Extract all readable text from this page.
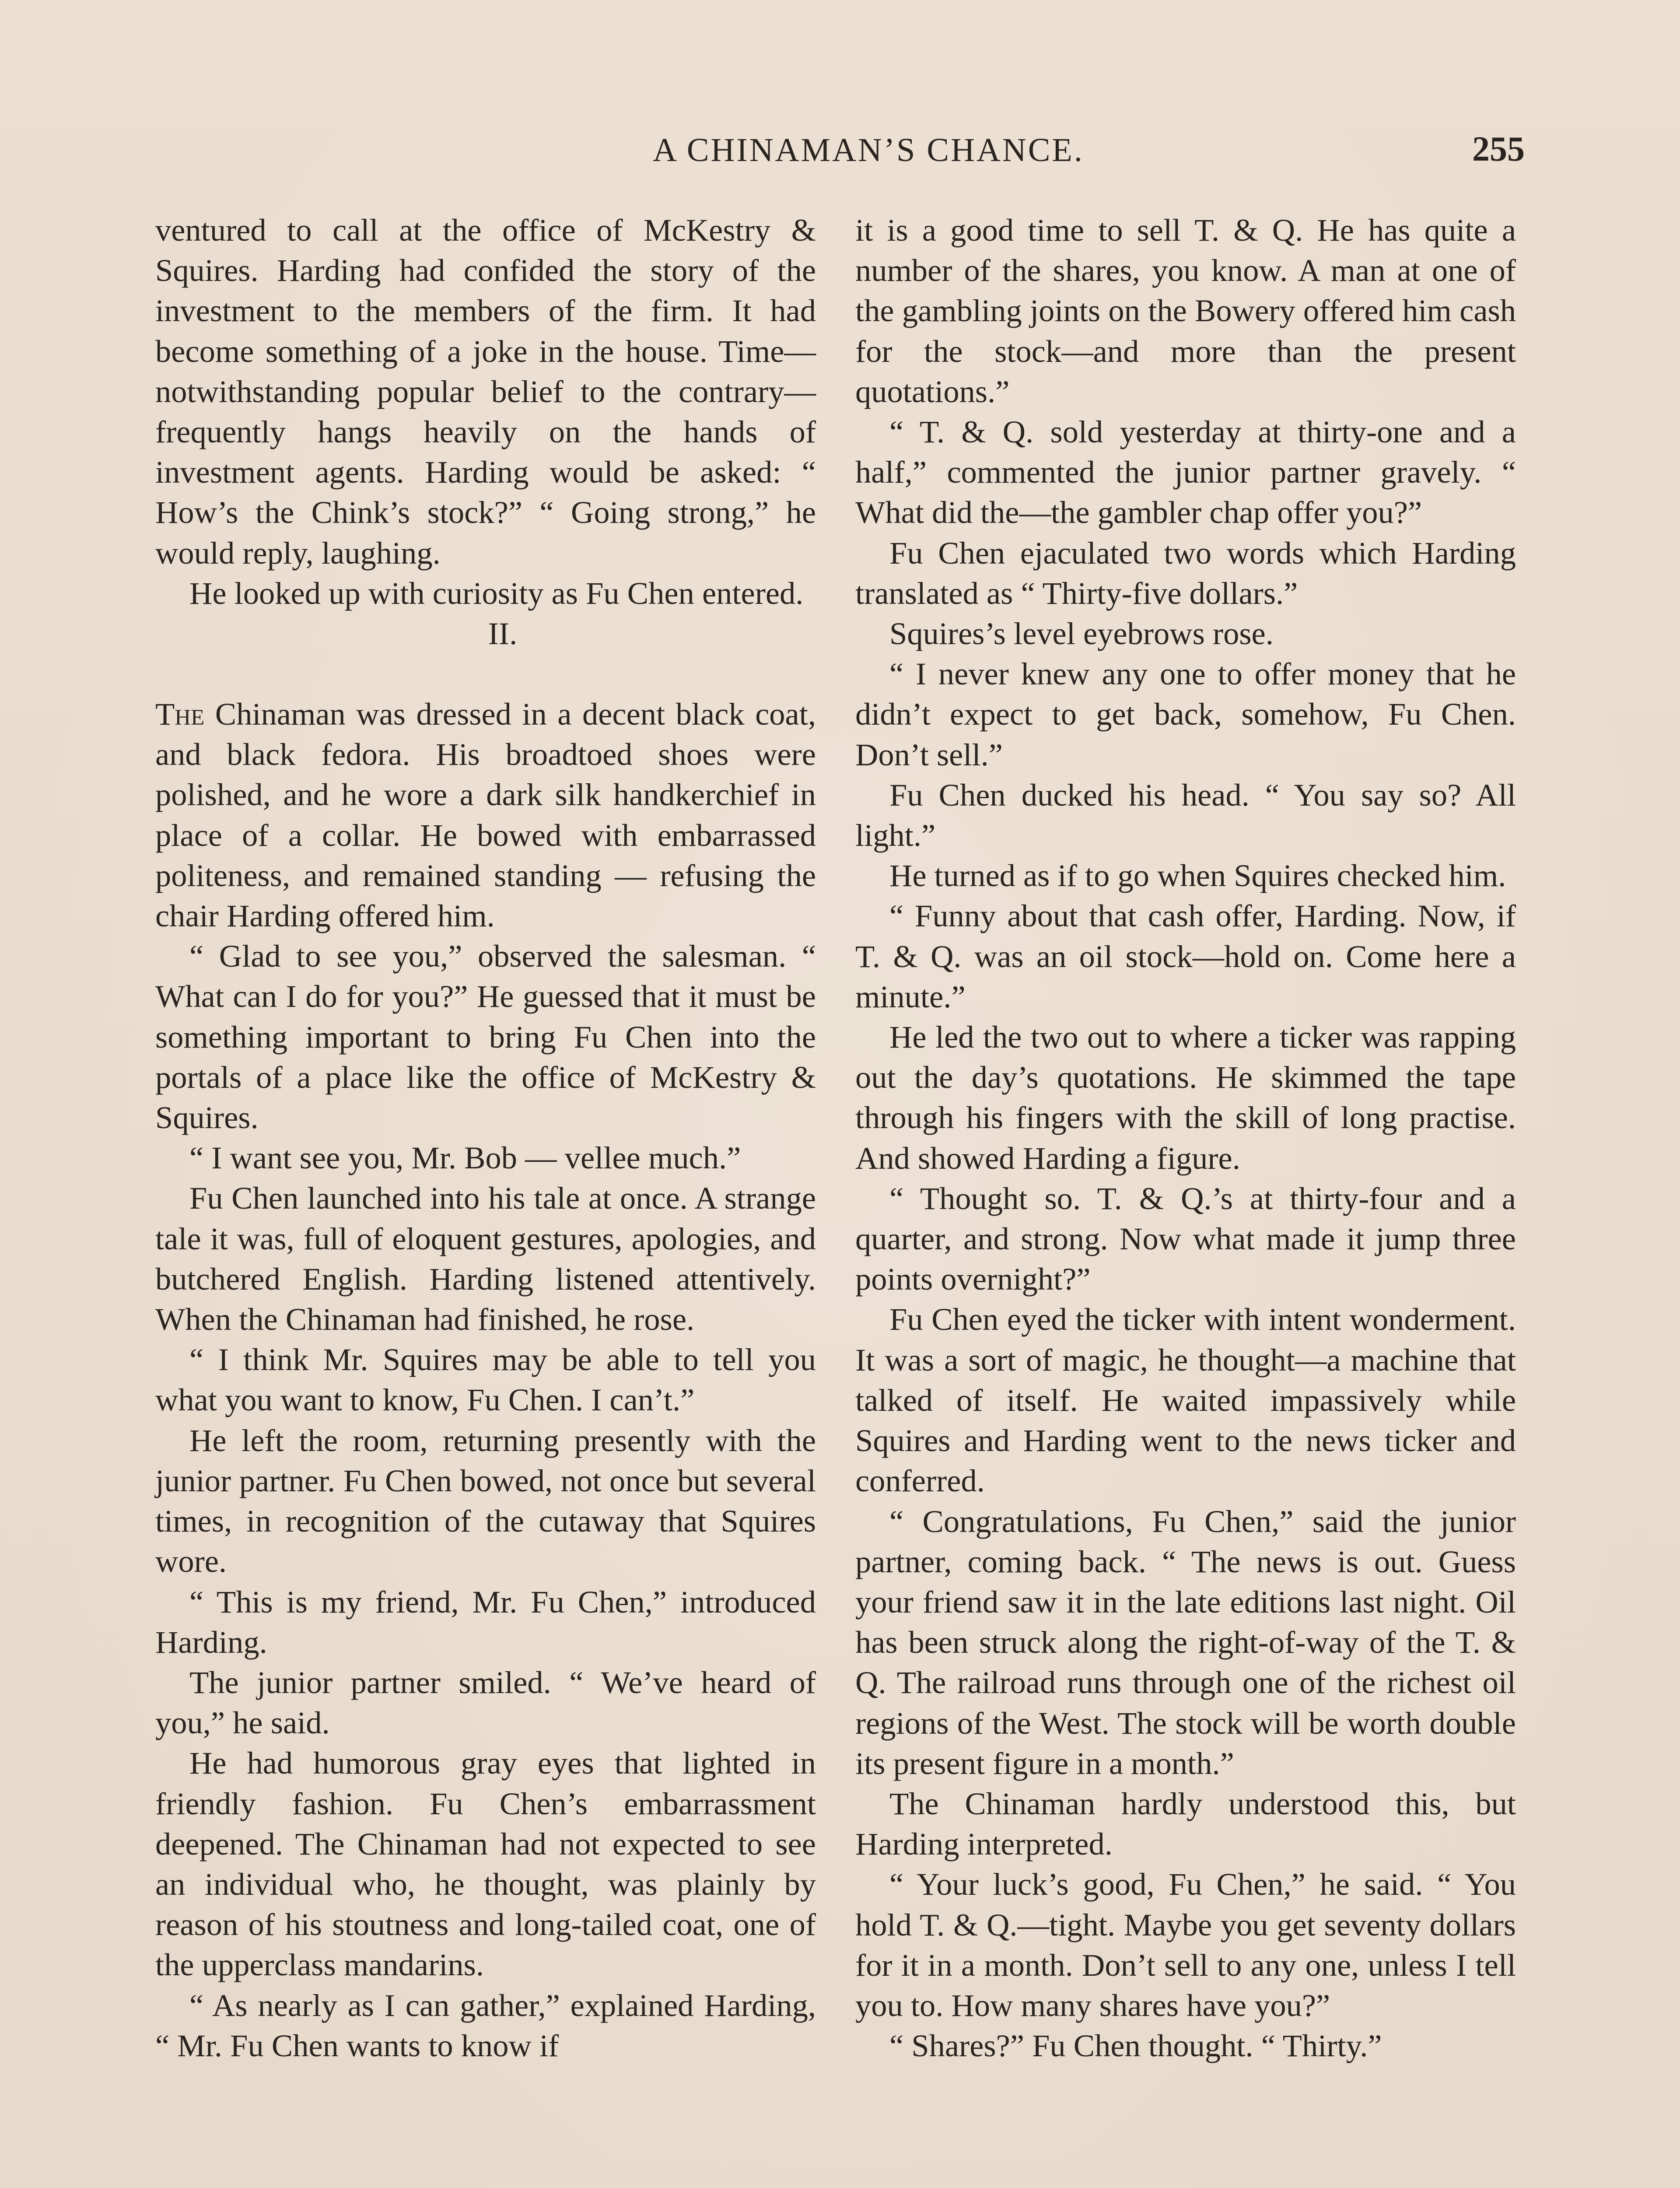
A CHINAMAN’S CHANCE.	255

ventured to call at the office of McKestry & Squires. Harding had confided the story of the investment to the members of the firm. It had become something of a joke in the house. Time—notwithstanding popular belief to the contrary—frequently hangs heavily on the hands of investment agents. Harding would be asked: “ How’s the Chink’s stock?” “ Going strong,” he would reply, laughing.

He looked up with curiosity as Fu Chen entered.

II.

The Chinaman was dressed in a decent black coat, and black fedora. His broadtoed shoes were polished, and he wore a dark silk handkerchief in place of a collar. He bowed with embarrassed politeness, and remained standing — refusing the chair Harding offered him.

“ Glad to see you,” observed the salesman. “ What can I do for you?” He guessed that it must be something important to bring Fu Chen into the portals of a place like the office of McKestry & Squires.

“ I want see you, Mr. Bob — vellee much.”

Fu Chen launched into his tale at once. A strange tale it was, full of eloquent gestures, apologies, and butchered English. Harding listened attentively. When the Chinaman had finished, he rose.

“ I think Mr. Squires may be able to tell you what you want to know, Fu Chen. I can’t.”

He left the room, returning presently with the junior partner. Fu Chen bowed, not once but several times, in recognition of the cutaway that Squires wore.

“ This is my friend, Mr. Fu Chen,” introduced Harding.

The junior partner smiled. “ We’ve heard of you,” he said.

He had humorous gray eyes that lighted in friendly fashion. Fu Chen’s embarrassment deepened. The Chinaman had not expected to see an individual who, he thought, was plainly by reason of his stoutness and long-tailed coat, one of the upperclass mandarins.

“ As nearly as I can gather,” explained Harding, “ Mr. Fu Chen wants to know if

it is a good time to sell T. & Q. He has quite a number of the shares, you know. A man at one of the gambling joints on the Bowery offered him cash for the stock—and more than the present quotations.”

“ T. & Q. sold yesterday at thirty-one and a half,” commented the junior partner gravely. “ What did the—the gambler chap offer you?”

Fu Chen ejaculated two words which Harding translated as “ Thirty-five dollars.”

Squires’s level eyebrows rose.

“ I never knew any one to offer money that he didn’t expect to get back, somehow, Fu Chen. Don’t sell.”

Fu Chen ducked his head. “ You say so? All light.”

He turned as if to go when Squires checked him.

“ Funny about that cash offer, Harding. Now, if T. & Q. was an oil stock—hold on. Come here a minute.”

He led the two out to where a ticker was rapping out the day’s quotations. He skimmed the tape through his fingers with the skill of long practise. And showed Harding a figure.

“ Thought so. T. & Q.’s at thirty-four and a quarter, and strong. Now what made it jump three points overnight?”

Fu Chen eyed the ticker with intent wonderment. It was a sort of magic, he thought—a machine that talked of itself. He waited impassively while Squires and Harding went to the news ticker and conferred.

“ Congratulations, Fu Chen,” said the junior partner, coming back. “ The news is out. Guess your friend saw it in the late editions last night. Oil has been struck along the right-of-way of the T. & Q. The railroad runs through one of the richest oil regions of the West. The stock will be worth double its present figure in a month.”

The Chinaman hardly understood this, but Harding interpreted.

“ Your luck’s good, Fu Chen,” he said. “ You hold T. & Q.—tight. Maybe you get seventy dollars for it in a month. Don’t sell to any one, unless I tell you to. How many shares have you?”

“ Shares?” Fu Chen thought. “ Thirty.”
